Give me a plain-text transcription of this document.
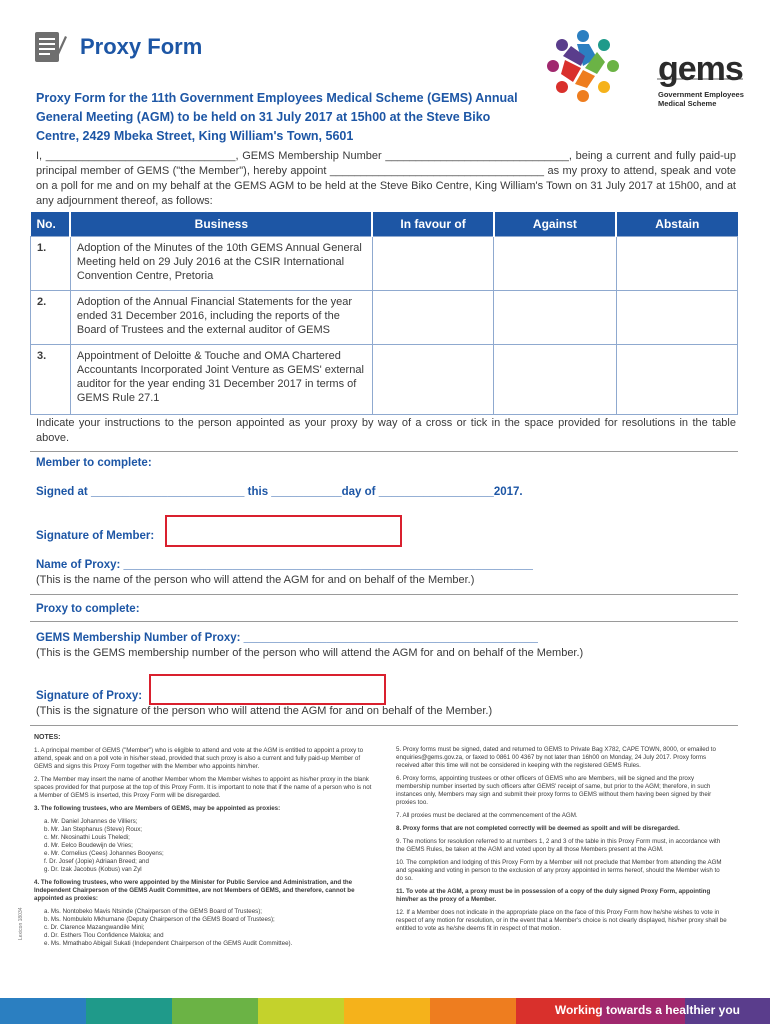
Proxy Form
gems
Government Employees
Medical Scheme
Proxy Form for the 11th Government Employees Medical Scheme (GEMS) Annual General Meeting (AGM) to be held on 31 July 2017 at 15h00 at the Steve Biko Centre, 2429 Mbeka Street, King William's Town, 5601
I, _______________________________, GEMS Membership Number ______________________________, being a current and fully paid-up principal member of GEMS ("the Member"), hereby appoint ___________________________________ as my proxy to attend, speak and vote on a poll for me and on my behalf at the GEMS AGM to be held at the Steve Biko Centre, King William's Town on 31 July 2017 at 15h00, and at any adjournment thereof, as follows:
No.	Business	In favour of	Against	Abstain
1.	Adoption of the Minutes of the 10th GEMS Annual General Meeting held on 29 July 2016 at the CSIR International Convention Centre, Pretoria			
2.	Adoption of the Annual Financial Statements for the year ended 31 December 2016, including the reports of the Board of Trustees and the external auditor of GEMS			
3.	Appointment of Deloitte & Touche and OMA Chartered Accountants Incorporated Joint Venture as GEMS' external auditor for the year ending 31 December 2017 in terms of GEMS Rule 27.1			
Indicate your instructions to the person appointed as your proxy by way of a cross or tick in the space provided for resolutions in the table above.
Member to complete:
Signed at ________________________ this ___________day of __________________2017.
Signature of Member:
Name of Proxy: ________________________________________________________________
(This is the name of the person who will attend the AGM for and on behalf of the Member.)
Proxy to complete:
GEMS Membership Number of Proxy: ______________________________________________
(This is the GEMS membership number of the person who will attend the AGM for and on behalf of the Member.)
Signature of Proxy:
(This is the signature of the person who will attend the AGM for and on behalf of the Member.)

NOTES:

1. A principal member of GEMS ("Member") who is eligible to attend and vote at the AGM is entitled to appoint a proxy to attend, speak and on a poll vote in his/her stead, provided that such proxy is also a current and fully paid-up Member of GEMS and signs this Proxy Form together with the Member who appoints him/her.

2. The Member may insert the name of another Member whom the Member wishes to appoint as his/her proxy in the blank spaces provided for that purpose at the top of this Proxy Form. It is important to note that if the name of a person who is not a Member of GEMS is inserted, this Proxy Form will be disregarded.

3. The following trustees, who are Members of GEMS, may be appointed as proxies:

a. Mr. Daniel Johannes de Villiers;
b. Mr. Jan Stephanus (Steve) Roux;
c. Mr. Nkosinathi Louis Theledi;
d. Mr. Eelco Boudewijn de Vries;
e. Mr. Cornelius (Cees) Johannes Booyens;
f. Dr. Josef (Jopie) Adriaan Breed; and
g. Dr. Izak Jacobus (Kobus) van Zyl

4. The following trustees, who were appointed by the Minister for Public Service and Administration, and the Independent Chairperson of the GEMS Audit Committee, are not Members of GEMS, and therefore, cannot be appointed as proxies:

a. Ms. Nontobeko Mavis Ntsinde (Chairperson of the GEMS Board of Trustees);
b. Ms. Nombulelo Mkhumane (Deputy Chairperson of the GEMS Board of Trustees);
c. Dr. Clarence Mazangwandile Mini;
d. Dr. Esthers Tlou Confidence Maloka; and
e. Ms. Mmathabo Abigail Sukati (Independent Chairperson of the GEMS Audit Committee).

5. Proxy forms must be signed, dated and returned to GEMS to Private Bag X782, CAPE TOWN, 8000, or emailed to enquiries@gems.gov.za, or faxed to 0861 00 4367 by not later than 16h00 on Monday, 24 July 2017. Proxy forms received after this time will not be considered in keeping with the registered GEMS Rules.

6. Proxy forms, appointing trustees or other officers of GEMS who are Members, will be signed and the proxy membership number inserted by such officers after GEMS' receipt of same, but prior to the AGM; therefore, in such instances only, Members may sign and submit their proxy forms to GEMS without them having been signed by their proxies too.

7. All proxies must be declared at the commencement of the AGM.

8. Proxy forms that are not completed correctly will be deemed as spoilt and will be disregarded.

9. The motions for resolution referred to at numbers 1, 2 and 3 of the table in this Proxy Form must, in accordance with the GEMS Rules, be taken at the AGM and voted upon by all those Members present at the AGM.

10. The completion and lodging of this Proxy Form by a Member will not preclude that Member from attending the AGM and speaking and voting in person to the exclusion of any proxy appointed in terms hereof, should the Member wish to do so.

11. To vote at the AGM, a proxy must be in possession of a copy of the duly signed Proxy Form, appointing him/her as the proxy of a Member.

12. If a Member does not indicate in the appropriate place on the face of this Proxy Form how he/she wishes to vote in respect of any motion for resolution, or in the event that a Member's choice is not clearly displayed, his/her proxy shall be entitled to vote as he/she deems fit in respect of that motion.

Lexicon 18034
Working towards a healthier you
